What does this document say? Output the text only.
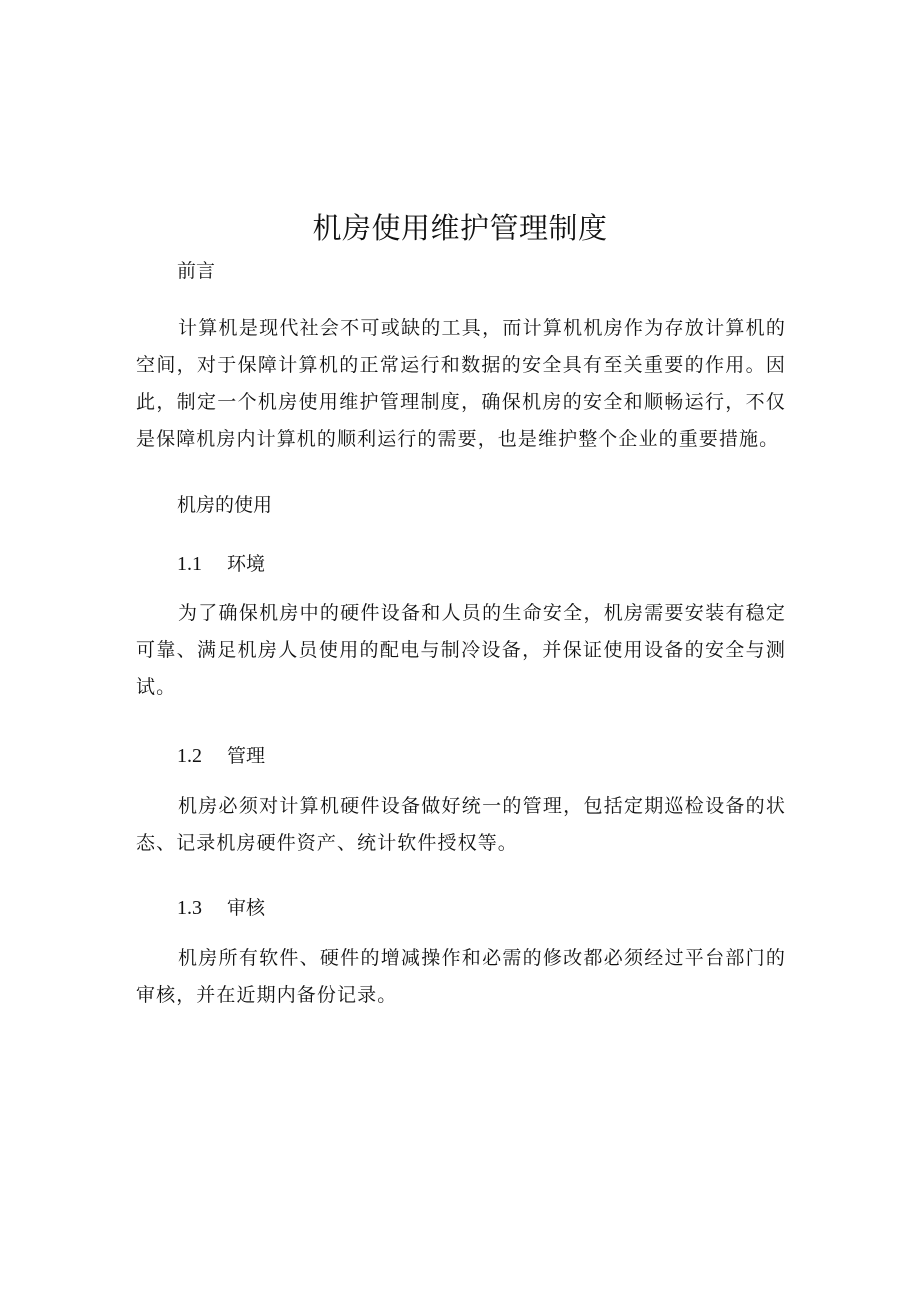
机房使用维护管理制度

前言

计算机是现代社会不可或缺的工具，而计算机机房作为存放计算机的空间，对于保障计算机的正常运行和数据的安全具有至关重要的作用。因此，制定一个机房使用维护管理制度，确保机房的安全和顺畅运行，不仅是保障机房内计算机的顺利运行的需要，也是维护整个企业的重要措施。

机房的使用

1.1 环境

为了确保机房中的硬件设备和人员的生命安全，机房需要安装有稳定可靠、满足机房人员使用的配电与制冷设备，并保证使用设备的安全与测试。

1.2 管理

机房必须对计算机硬件设备做好统一的管理，包括定期巡检设备的状态、记录机房硬件资产、统计软件授权等。

1.3 审核

机房所有软件、硬件的增减操作和必需的修改都必须经过平台部门的审核，并在近期内备份记录。
